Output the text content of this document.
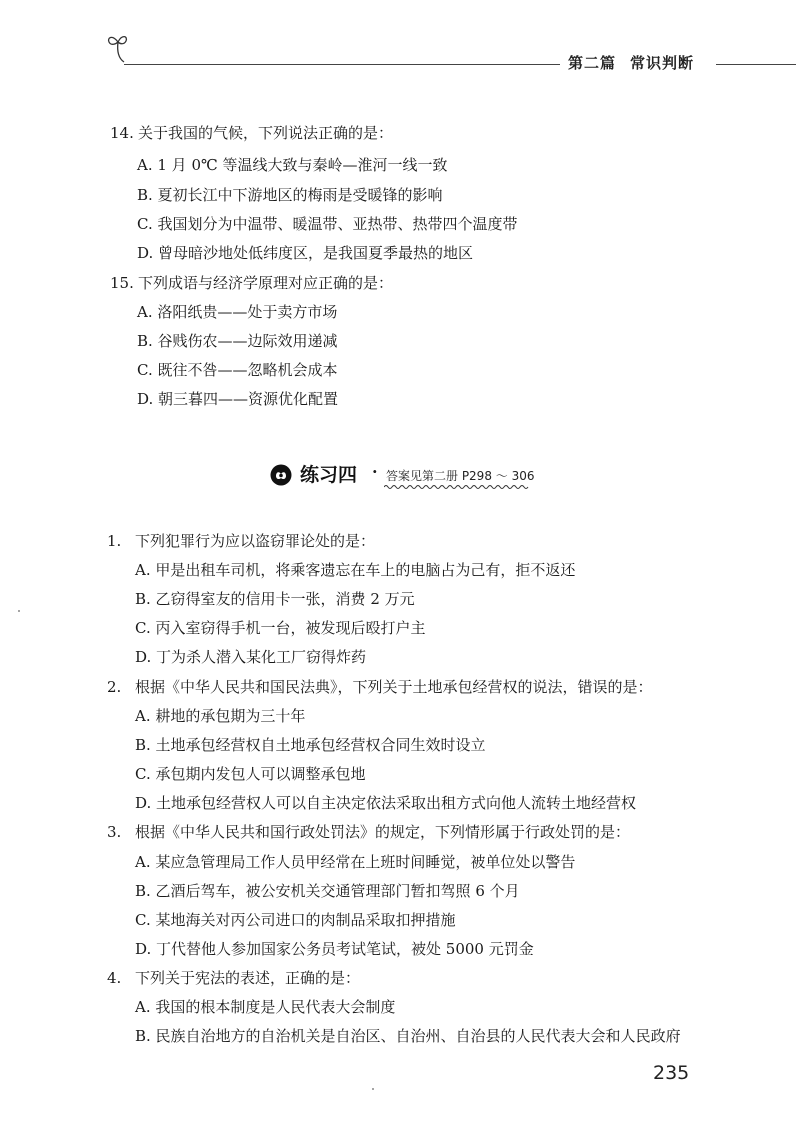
第二篇 常识判断
14. 关于我国的气候，下列说法正确的是：
A. 1 月 0℃ 等温线大致与秦岭—淮河一线一致
B. 夏初长江中下游地区的梅雨是受暖锋的影响
C. 我国划分为中温带、暖温带、亚热带、热带四个温度带
D. 曾母暗沙地处低纬度区，是我国夏季最热的地区
15. 下列成语与经济学原理对应正确的是：
A. 洛阳纸贵——处于卖方市场
B. 谷贱伤农——边际效用递减
C. 既往不咎——忽略机会成本
D. 朝三暮四——资源优化配置
练习四 · 答案见第二册 P298 ～ 306
1. 下列犯罪行为应以盗窃罪论处的是：
A. 甲是出租车司机，将乘客遗忘在车上的电脑占为己有，拒不返还
B. 乙窃得室友的信用卡一张，消费 2 万元
C. 丙入室窃得手机一台，被发现后殴打户主
D. 丁为杀人潜入某化工厂窃得炸药
2. 根据《中华人民共和国民法典》，下列关于土地承包经营权的说法，错误的是：
A. 耕地的承包期为三十年
B. 土地承包经营权自土地承包经营权合同生效时设立
C. 承包期内发包人可以调整承包地
D. 土地承包经营权人可以自主决定依法采取出租方式向他人流转土地经营权
3. 根据《中华人民共和国行政处罚法》的规定，下列情形属于行政处罚的是：
A. 某应急管理局工作人员甲经常在上班时间睡觉，被单位处以警告
B. 乙酒后驾车，被公安机关交通管理部门暂扣驾照 6 个月
C. 某地海关对丙公司进口的肉制品采取扣押措施
D. 丁代替他人参加国家公务员考试笔试，被处 5000 元罚金
4. 下列关于宪法的表述，正确的是：
A. 我国的根本制度是人民代表大会制度
B. 民族自治地方的自治机关是自治区、自治州、自治县的人民代表大会和人民政府
235
